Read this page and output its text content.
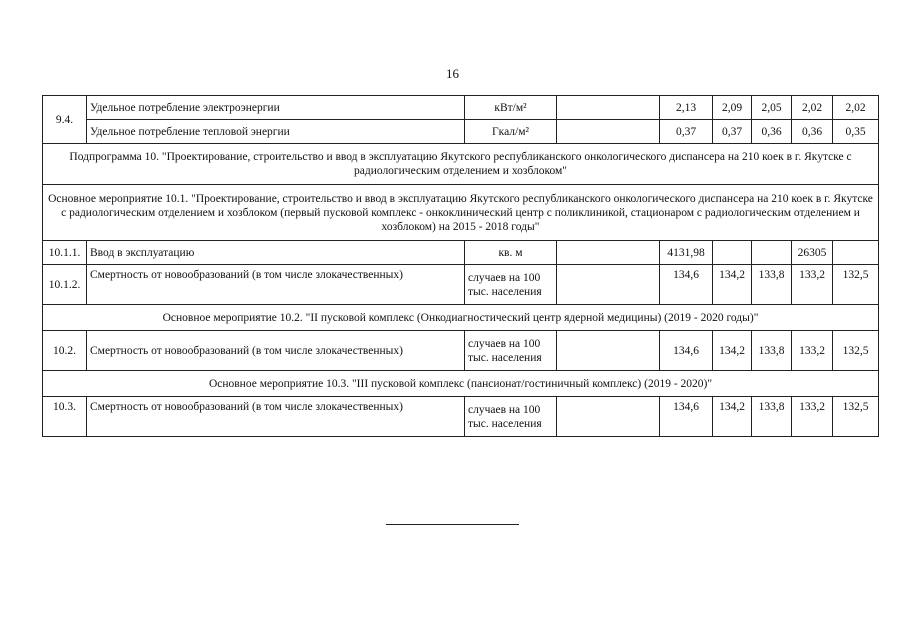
16
9.4.	Удельное потребление электроэнергии	кВт/м²		2,13	2,09	2,05	2,02	2,02
	Удельное потребление тепловой энергии	Гкал/м²		0,37	0,37	0,36	0,36	0,35
Подпрограмма 10. "Проектирование, строительство и ввод в эксплуатацию Якутского республиканского онкологического диспансера на 210 коек в г. Якутске с радиологическим отделением и хозблоком"								
Основное мероприятие 10.1. "Проектирование, строительство и ввод в эксплуатацию Якутского республиканского онкологического диспансера на 210 коек в г. Якутске с радиологическим отделением и хозблоком (первый пусковой комплекс - онкоклинический центр с поликлиникой, стационаром с радиологическим отделением и хозблоком) на 2015 - 2018 годы"								
10.1.1.	Ввод в эксплуатацию	кв. м		4131,98			26305	
10.1.2.	Смертность от новообразований (в том числе злокачественных)	случаев на 100 тыс. населения		134,6	134,2	133,8	133,2	132,5
Основное мероприятие 10.2. "II пусковой комплекс (Онкодиагностический центр ядерной медицины) (2019 - 2020 годы)"								
10.2.	Смертность от новообразований (в том числе злокачественных)	случаев на 100 тыс. населения		134,6	134,2	133,8	133,2	132,5
Основное мероприятие 10.3. "III пусковой комплекс (пансионат/гостиничный комплекс) (2019 - 2020)"								
10.3.	Смертность от новообразований (в том числе злокачественных)	случаев на 100 тыс. населения		134,6	134,2	133,8	133,2	132,5
